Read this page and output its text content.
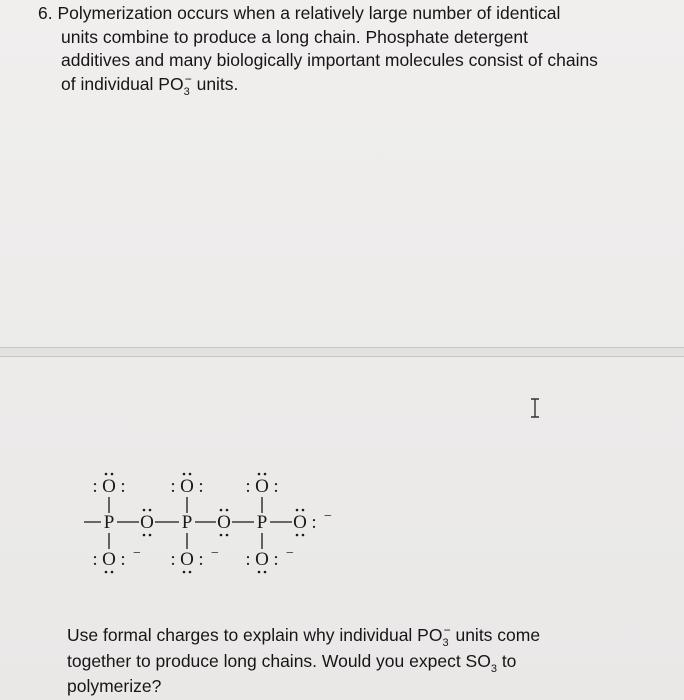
6. Polymerization occurs when a relatively large number of identical
units combine to produce a long chain. Phosphate detergent
additives and many biologically important molecules consist of chains
of individual $PO_3^-$ units.
: O :
P
: O : −
: O :
P
: O : −
: O :
P
: O : −
O	O	O : −
Use formal charges to explain why individual $PO_3^-$ units come
together to produce long chains. Would you expect $SO_3$ to
polymerize?
